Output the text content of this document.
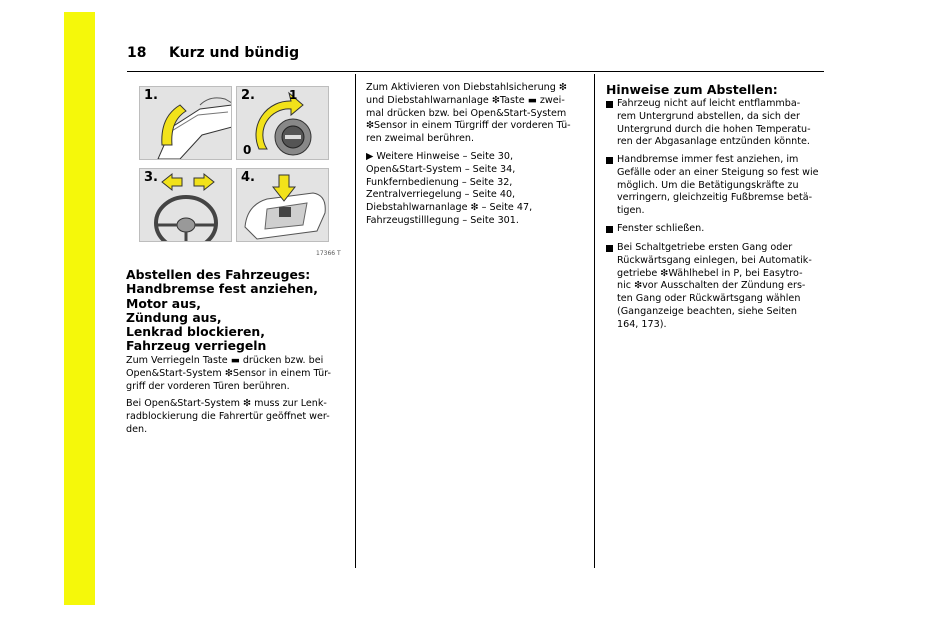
18 Kurz und bündig
1.	2.	1
0
3.	4.
17366 T
Abstellen des Fahrzeuges:
Handbremse fest anziehen,
Motor aus,
Zündung aus,
Lenkrad blockieren,
Fahrzeug verriegeln

Zum Verriegeln Taste ▬ drücken bzw. bei

Open&Start-System ❇Sensor in einem Tür-

griff der vorderen Türen berühren.

Bei Open&Start-System ❇ muss zur Lenk-

radblockierung die Fahrertür geöffnet wer-

den.

Zum Aktivieren von Diebstahlsicherung ❇

und Diebstahlwarnanlage ❇Taste ▬ zwei-

mal drücken bzw. bei Open&Start-System

❇Sensor in einem Türgriff der vorderen Tü-

ren zweimal berühren.

▶ Weitere Hinweise – Seite 30,

Open&Start-System – Seite 34,

Funkfernbedienung – Seite 32,

Zentralverriegelung – Seite 40,

Diebstahlwarnanlage ❇ – Seite 47,

Fahrzeugstilllegung – Seite 301.

Hinweise zum Abstellen:
Fahrzeug nicht auf leicht entflammba-
rem Untergrund abstellen, da sich der
Untergrund durch die hohen Temperatu-
ren der Abgasanlage entzünden könnte.
Handbremse immer fest anziehen, im
Gefälle oder an einer Steigung so fest wie
möglich. Um die Betätigungskräfte zu
verringern, gleichzeitig Fußbremse betä-
tigen.
Fenster schließen.
Bei Schaltgetriebe ersten Gang oder
Rückwärtsgang einlegen, bei Automatik-
getriebe ❇Wählhebel in P, bei Easytro-
nic ❇vor Ausschalten der Zündung ers-
ten Gang oder Rückwärtsgang wählen
(Ganganzeige beachten, siehe Seiten
164, 173).
